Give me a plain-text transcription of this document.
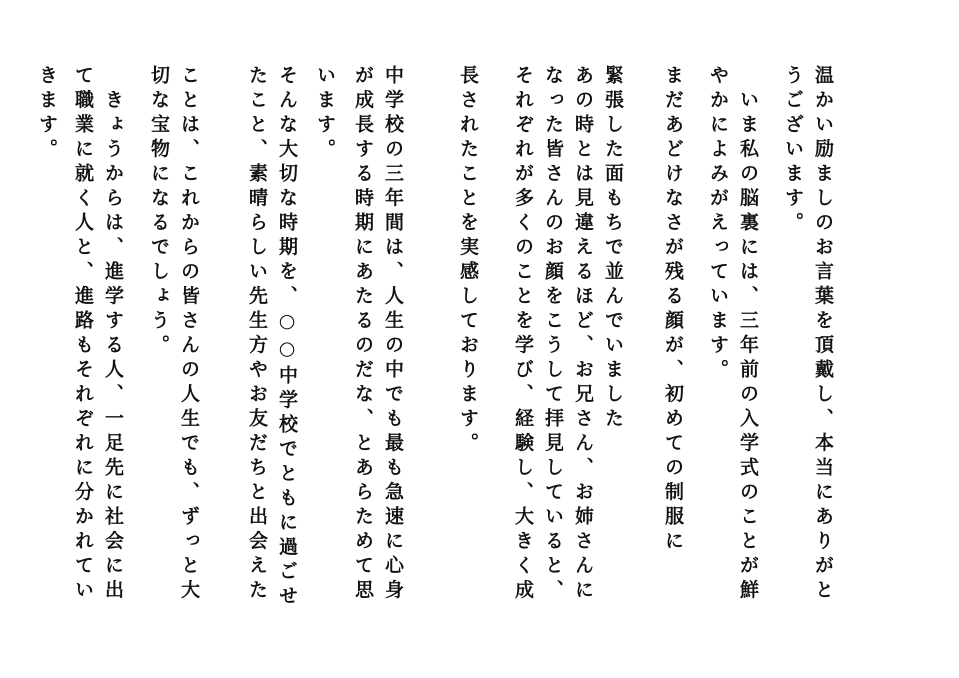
温かい励ましのお言葉を頂戴し、本当にありがと
うございます。
　いま私の脳裏には、三年前の入学式のことが鮮
やかによみがえっています。
まだあどけなさが残る顔が、初めての制服に
緊張した面もちで並んでいました
あの時とは見違えるほど、お兄さん、お姉さんに
なった皆さんのお顔をこうして拝見していると、
それぞれが多くのことを学び、経験し、大きく成
長されたことを実感しております。
中学校の三年間は、人生の中でも最も急速に心身
が成長する時期にあたるのだな、とあらためて思
います。
そんな大切な時期を、○○中学校でともに過ごせ
たこと、素晴らしい先生方やお友だちと出会えた
ことは、これからの皆さんの人生でも、ずっと大
切な宝物になるでしょう。
　きょうからは、進学する人、一足先に社会に出
て職業に就く人と、進路もそれぞれに分かれてい
きます。
